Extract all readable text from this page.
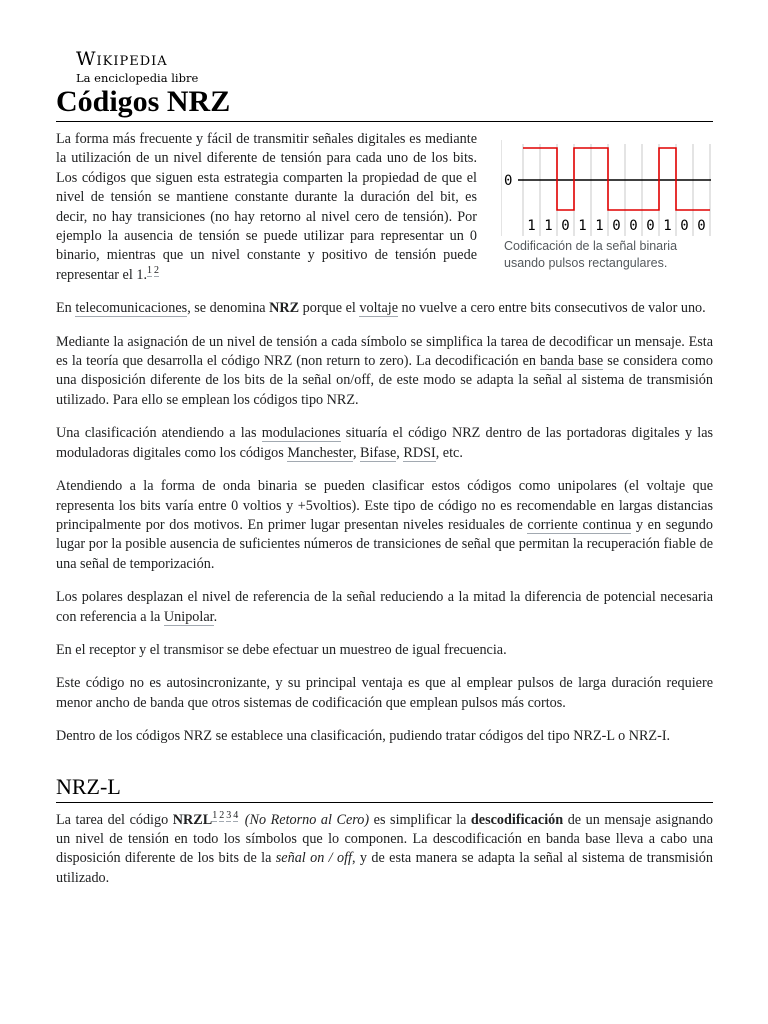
Wikipedia
La enciclopedia libre
Códigos NRZ
0
1 1 0 1 1 0 0 0 1 0 0
Codificación de la señal binaria usando pulsos rectangulares.

La forma más frecuente y fácil de transmitir señales digitales es mediante la utilización de un nivel diferente de tensión para cada uno de los bits. Los códigos que siguen esta estrategia comparten la propiedad de que el nivel de tensión se mantiene constante durante la duración del bit, es decir, no hay transiciones (no hay retorno al nivel cero de tensión). Por ejemplo la ausencia de tensión se puede utilizar para representar un 0 binario, mientras que un nivel constante y positivo de tensión puede representar el 1.$^{1 2}$

En telecomunicaciones, se denomina NRZ porque el voltaje no vuelve a cero entre bits consecutivos de valor uno.

Mediante la asignación de un nivel de tensión a cada símbolo se simplifica la tarea de decodificar un mensaje. Esta es la teoría que desarrolla el código NRZ (non return to zero). La decodificación en banda base se considera como una disposición diferente de los bits de la señal on/off, de este modo se adapta la señal al sistema de transmisión utilizado. Para ello se emplean los códigos tipo NRZ.

Una clasificación atendiendo a las modulaciones situaría el código NRZ dentro de las portadoras digitales y las moduladoras digitales como los códigos Manchester, Bifase, RDSI, etc.

Atendiendo a la forma de onda binaria se pueden clasificar estos códigos como unipolares (el voltaje que representa los bits varía entre 0 voltios y +5voltios). Este tipo de código no es recomendable en largas distancias principalmente por dos motivos. En primer lugar presentan niveles residuales de corriente continua y en segundo lugar por la posible ausencia de suficientes números de transiciones de señal que permitan la recuperación fiable de una señal de temporización.

Los polares desplazan el nivel de referencia de la señal reduciendo a la mitad la diferencia de potencial necesaria con referencia a la Unipolar.

En el receptor y el transmisor se debe efectuar un muestreo de igual frecuencia.

Este código no es autosincronizante, y su principal ventaja es que al emplear pulsos de larga duración requiere menor ancho de banda que otros sistemas de codificación que emplean pulsos más cortos.

Dentro de los códigos NRZ se establece una clasificación, pudiendo tratar códigos del tipo NRZ-L o NRZ-I.

NRZ-L

La tarea del código $NRZL^{1 2 3 4}$ (No Retorno al Cero) es simplificar la descodificación de un mensaje asignando un nivel de tensión en todo los símbolos que lo componen. La descodificación en banda base lleva a cabo una disposición diferente de los bits de la señal on / off, y de esta manera se adapta la señal al sistema de transmisión utilizado.
